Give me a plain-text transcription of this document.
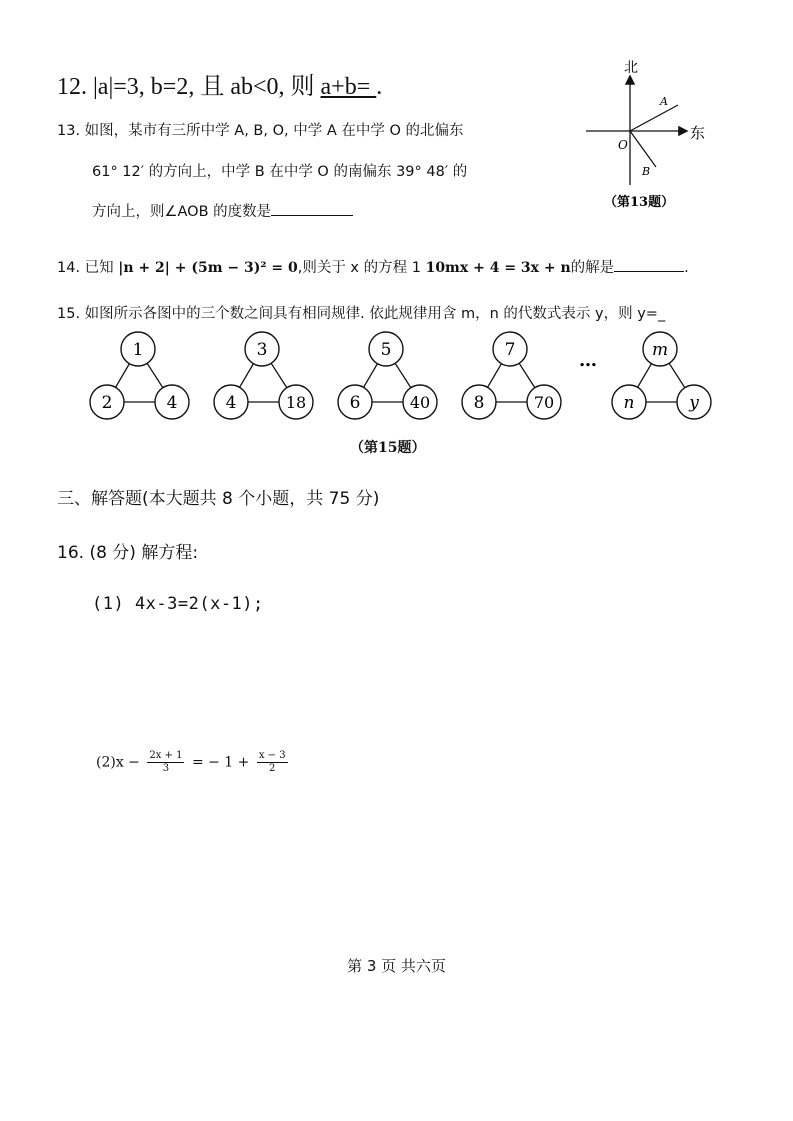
12. |a|=3, b=2, 且 ab<0, 则 a+b= .
13. 如图，某市有三所中学 A, B, O, 中学 A 在中学 O 的北偏东
61° 12′ 的方向上，中学 B 在中学 O 的南偏东 39° 48′ 的
方向上，则∠AOB 的度数是
北
东
A
O
B
（第13题）
14. 已知 |n + 2| + (5m − 3)² = 0,则关于 x 的方程 1 10mx + 4 = 3x + n的解是	.
15. 如图所示各图中的三个数之间具有相同规律. 依此规律用含 m，n 的代数式表示 y，则 y=_
1
2	4
3
4	18
5
6	40
7
8	70
m
n	y
…
（第15题）
三、解答题(本大题共 8 个小题，共 75 分)
16. (8 分) 解方程:
(1) 4x-3=2(x-1);
$(2)x - \frac{2x + 1}{3}$ = − $1 + \frac{x - 3}{2}$
第 3 页 共六页
